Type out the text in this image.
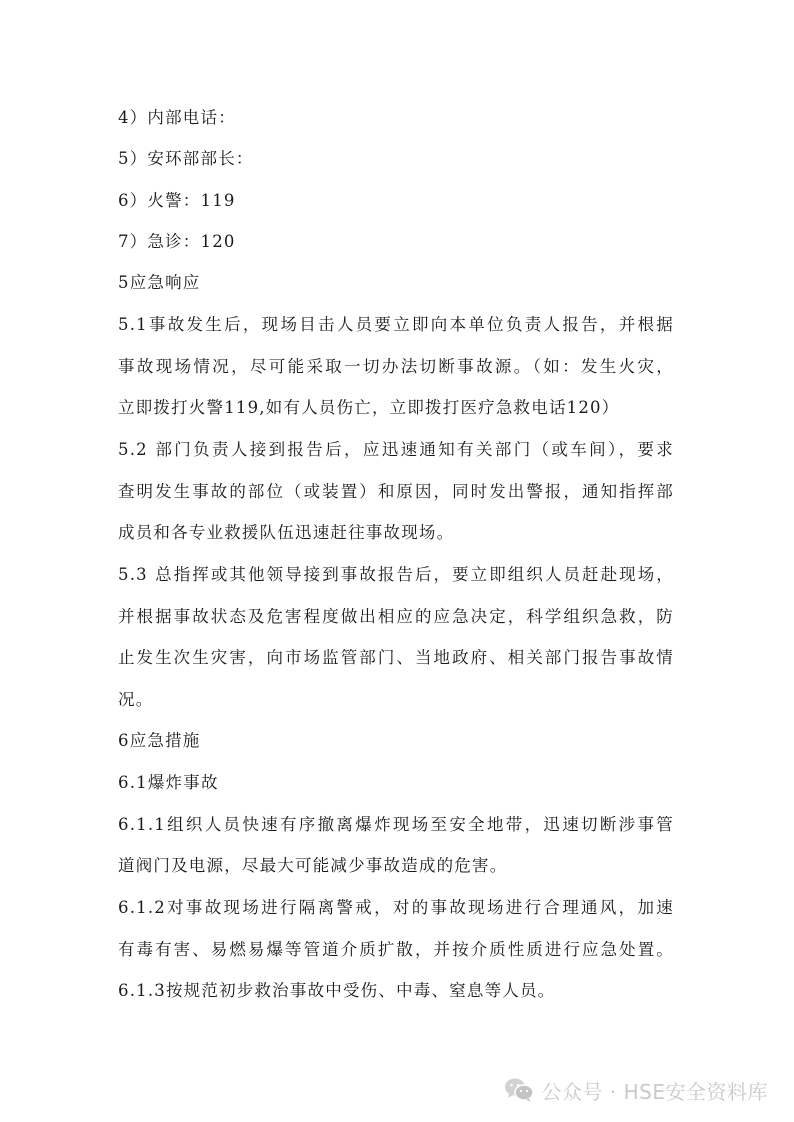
4）内部电话：
5）安环部部长：
6）火警：119
7）急诊：120
5应急响应
5.1事故发生后，现场目击人员要立即向本单位负责人报告，并根据
事故现场情况，尽可能采取一切办法切断事故源。（如：发生火灾，
立即拨打火警119,如有人员伤亡，立即拨打医疗急救电话120）
5.2 部门负责人接到报告后，应迅速通知有关部门（或车间），要求
查明发生事故的部位（或装置）和原因，同时发出警报，通知指挥部
成员和各专业救援队伍迅速赶往事故现场。
5.3 总指挥或其他领导接到事故报告后，要立即组织人员赶赴现场，
并根据事故状态及危害程度做出相应的应急决定，科学组织急救，防
止发生次生灾害，向市场监管部门、当地政府、相关部门报告事故情
况。
6应急措施
6.1爆炸事故
6.1.1组织人员快速有序撤离爆炸现场至安全地带，迅速切断涉事管
道阀门及电源，尽最大可能减少事故造成的危害。
6.1.2对事故现场进行隔离警戒，对的事故现场进行合理通风，加速
有毒有害、易燃易爆等管道介质扩散，并按介质性质进行应急处置。
6.1.3按规范初步救治事故中受伤、中毒、窒息等人员。
公众号 · HSE安全资料库
